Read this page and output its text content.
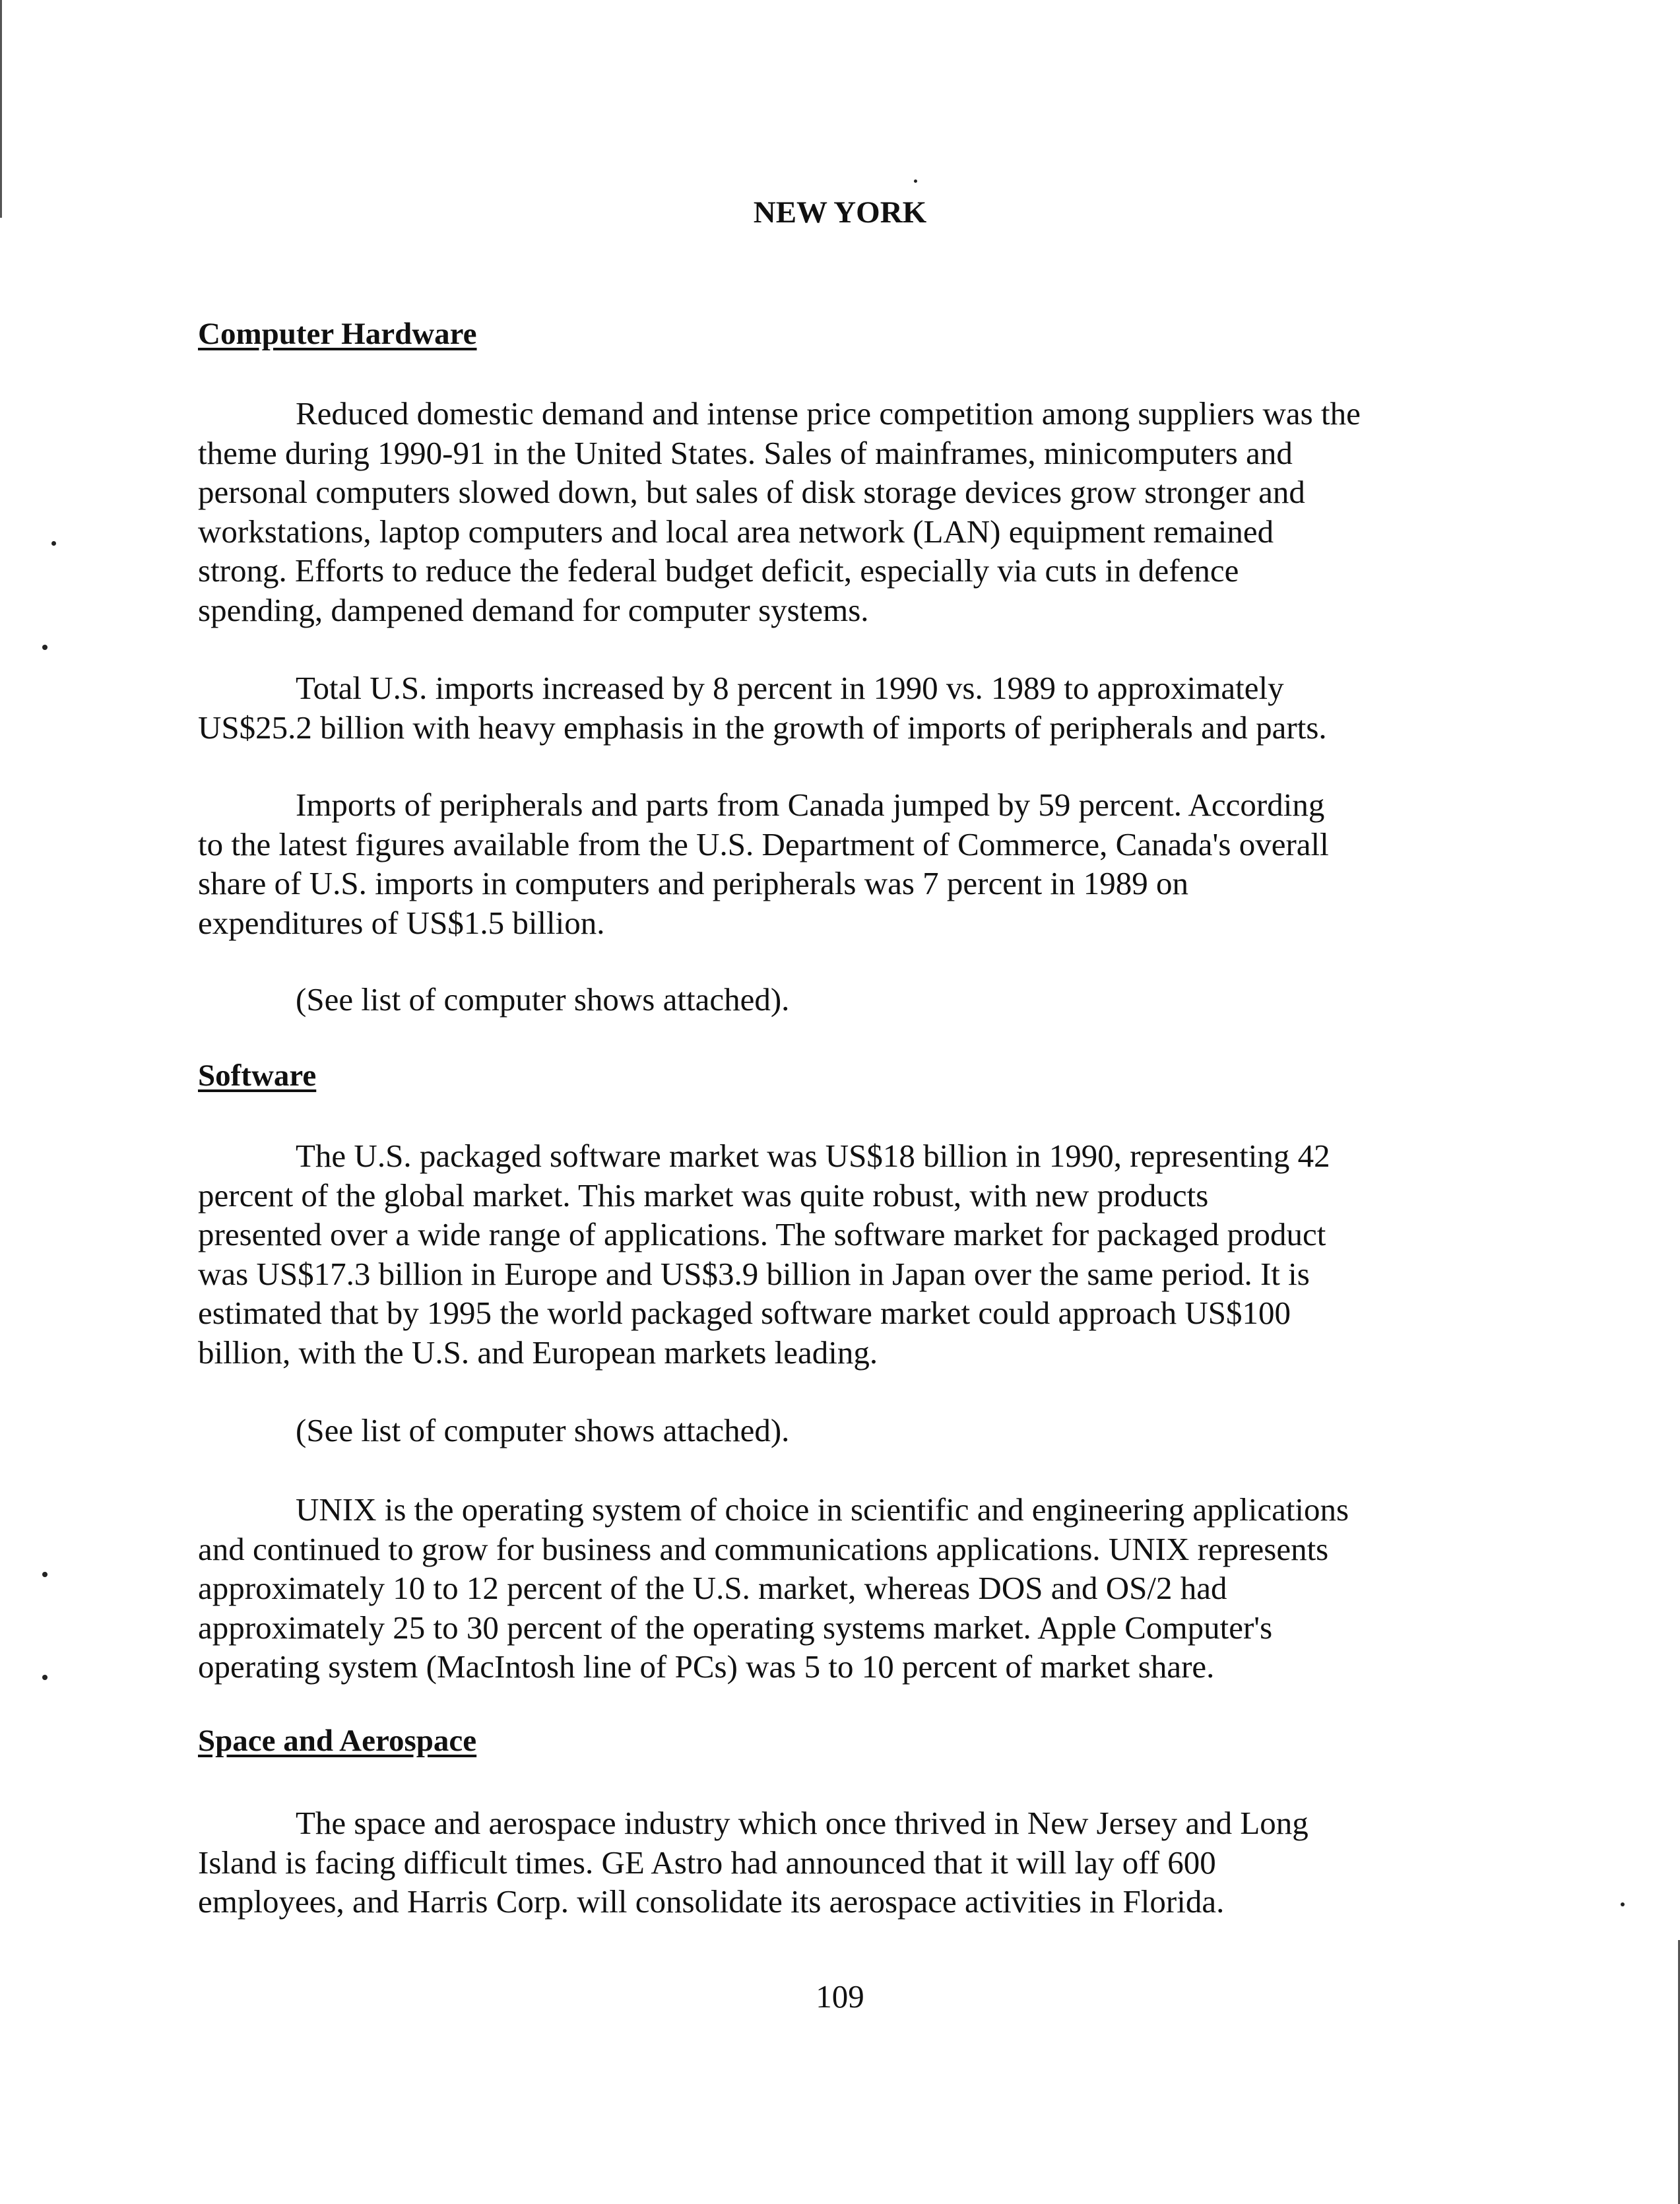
NEW YORK
Computer Hardware
Reduced domestic demand and intense price competition among suppliers was the
theme during 1990-91 in the United States. Sales of mainframes, minicomputers and
personal computers slowed down, but sales of disk storage devices grow stronger and
workstations, laptop computers and local area network (LAN) equipment remained
strong. Efforts to reduce the federal budget deficit, especially via cuts in defence
spending, dampened demand for computer systems.
Total U.S. imports increased by 8 percent in 1990 vs. 1989 to approximately
US$25.2 billion with heavy emphasis in the growth of imports of peripherals and parts.
Imports of peripherals and parts from Canada jumped by 59 percent. According
to the latest figures available from the U.S. Department of Commerce, Canada's overall
share of U.S. imports in computers and peripherals was 7 percent in 1989 on
expenditures of US$1.5 billion.
(See list of computer shows attached).
Software
The U.S. packaged software market was US$18 billion in 1990, representing 42
percent of the global market. This market was quite robust, with new products
presented over a wide range of applications. The software market for packaged product
was US$17.3 billion in Europe and US$3.9 billion in Japan over the same period. It is
estimated that by 1995 the world packaged software market could approach US$100
billion, with the U.S. and European markets leading.
(See list of computer shows attached).
UNIX is the operating system of choice in scientific and engineering applications
and continued to grow for business and communications applications. UNIX represents
approximately 10 to 12 percent of the U.S. market, whereas DOS and OS/2 had
approximately 25 to 30 percent of the operating systems market. Apple Computer's
operating system (MacIntosh line of PCs) was 5 to 10 percent of market share.
Space and Aerospace
The space and aerospace industry which once thrived in New Jersey and Long
Island is facing difficult times. GE Astro had announced that it will lay off 600
employees, and Harris Corp. will consolidate its aerospace activities in Florida.
109
